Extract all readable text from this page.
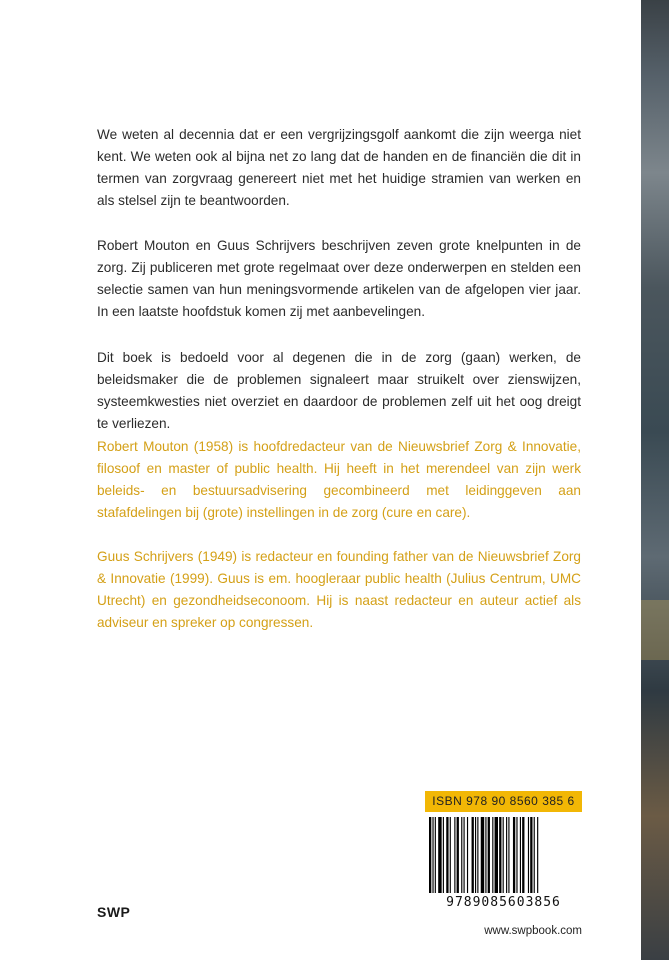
We weten al decennia dat er een vergrijzingsgolf aankomt die zijn weerga niet kent. We weten ook al bijna net zo lang dat de handen en de financiën die dit in termen van zorgvraag genereert niet met het huidige stramien van werken en als stelsel zijn te beantwoorden.

Robert Mouton en Guus Schrijvers beschrijven zeven grote knelpunten in de zorg. Zij publiceren met grote regelmaat over deze onderwerpen en stelden een selectie samen van hun meningsvormende artikelen van de afgelopen vier jaar. In een laatste hoofdstuk komen zij met aanbevelingen.

Dit boek is bedoeld voor al degenen die in de zorg (gaan) werken, de beleidsmaker die de problemen signaleert maar struikelt over zienswijzen, systeemkwesties niet overziet en daardoor de problemen zelf uit het oog dreigt te verliezen.

Robert Mouton (1958) is hoofdredacteur van de Nieuwsbrief Zorg & Innovatie, filosoof en master of public health. Hij heeft in het merendeel van zijn werk beleids- en bestuursadvisering gecombineerd met leidinggeven aan stafafdelingen bij (grote) instellingen in de zorg (cure en care).

Guus Schrijvers (1949) is redacteur en founding father van de Nieuwsbrief Zorg & Innovatie (1999). Guus is em. hoogleraar public health (Julius Centrum, UMC Utrecht) en gezondheidseconoom. Hij is naast redacteur en auteur actief als adviseur en spreker op congressen.

ISBN 978 90 8560 385 6
9789085603856
www.swpbook.com
SWP
